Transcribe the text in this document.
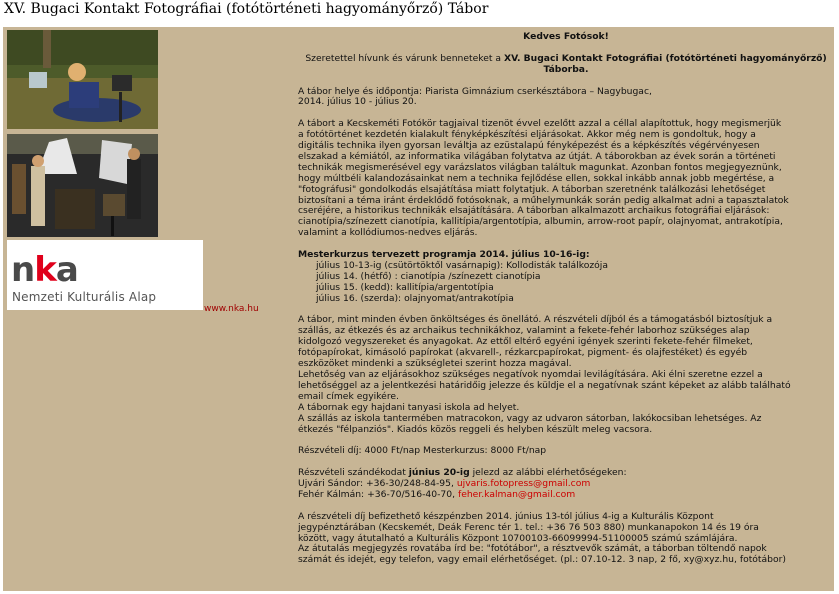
XV. Bugaci Kontakt Fotográfiai (fotótörténeti hagyományőrző) Tábor
nka
Nemzeti Kulturális Alap
www.nka.hu

Kedves Fotósok!

Szeretettel hívunk és várunk benneteket a XV. Bugaci Kontakt Fotográfiai (fotótörténeti hagyományőrző) Táborba.

A tábor helye és időpontja: Piarista Gimnázium cserkésztábora – Nagybugac,

2014. július 10 - július 20.

A tábort a Kecskeméti Fotókör tagjaival tizenöt évvel ezelőtt azzal a céllal alapítottuk, hogy megismerjük

a fotótörténet kezdetén kialakult fényképkészítési eljárásokat. Akkor még nem is gondoltuk, hogy a

digitális technika ilyen gyorsan leváltja az ezüstalapú fényképezést és a képkészítés végérvényesen

elszakad a kémiától, az informatika világában folytatva az útját. A táborokban az évek során a történeti

technikák megismerésével egy varázslatos világban találtuk magunkat. Azonban fontos megjegyeznünk,

hogy múltbéli kalandozásainkat nem a technika fejlődése ellen, sokkal inkább annak jobb megértése, a

"fotográfusi" gondolkodás elsajátítása miatt folytatjuk. A táborban szeretnénk találkozási lehetőséget

biztosítani a téma iránt érdeklődő fotósoknak, a műhelymunkák során pedig alkalmat adni a tapasztalatok

cseréjére, a historikus technikák elsajátítására. A táborban alkalmazott archaikus fotográfiai eljárások:

cianotípia/színezett cianotípia, kallitípia/argentotípia, albumin, arrow-root papír, olajnyomat, antrakotípia,

valamint a kollódiumos-nedves eljárás.

Mesterkurzus tervezett programja 2014. július 10-16-ig:

július 10-13-ig (csütörtöktől vasárnapig): Kollodisták találkozója

július 14. (hétfő) : cianotípia /színezett cianotípia

július 15. (kedd): kallitípia/argentotípia

július 16. (szerda): olajnyomat/antrakotípia

A tábor, mint minden évben önköltséges és önellátó. A részvételi díjból és a támogatásból biztosítjuk a

szállás, az étkezés és az archaikus technikákhoz, valamint a fekete-fehér laborhoz szükséges alap

kidolgozó vegyszereket és anyagokat. Az ettől eltérő egyéni igények szerinti fekete-fehér filmeket,

fotópapírokat, kimásoló papírokat (akvarell-, rézkarcpapírokat, pigment- és olajfestéket) és egyéb

eszközöket mindenki a szükségletei szerint hozza magával.

Lehetőség van az eljárásokhoz szükséges negatívok nyomdai levilágítására. Aki élni szeretne ezzel a

lehetőséggel az a jelentkezési határidőig jelezze és küldje el a negatívnak szánt képeket az alább található

email címek egyikére.

A tábornak egy hajdani tanyasi iskola ad helyet.

A szállás az iskola tantermében matracokon, vagy az udvaron sátorban, lakókocsiban lehetséges. Az

étkezés "félpanziós". Kiadós közös reggeli és helyben készült meleg vacsora.

Részvételi díj: 4000 Ft/nap Mesterkurzus: 8000 Ft/nap

Részvételi szándékodat június 20-ig jelezd az alábbi elérhetőségeken:

Ujvári Sándor: +36-30/248-84-95, ujvaris.fotopress@gmail.com

Fehér Kálmán: +36-70/516-40-70, feher.kalman@gmail.com

A részvételi díj befizethető készpénzben 2014. június 13-tól július 4-ig a Kulturális Központ

jegypénztárában (Kecskemét, Deák Ferenc tér 1. tel.: +36 76 503 880) munkanapokon 14 és 19 óra

között, vagy átutalható a Kulturális Központ 10700103-66099994-51100005 számú számlájára.

Az átutalás megjegyzés rovatába írd be: "fotótábor", a résztvevők számát, a táborban töltendő napok

számát és idejét, egy telefon, vagy email elérhetőséget. (pl.: 07.10-12. 3 nap, 2 fő, xy@xyz.hu, fotótábor)
